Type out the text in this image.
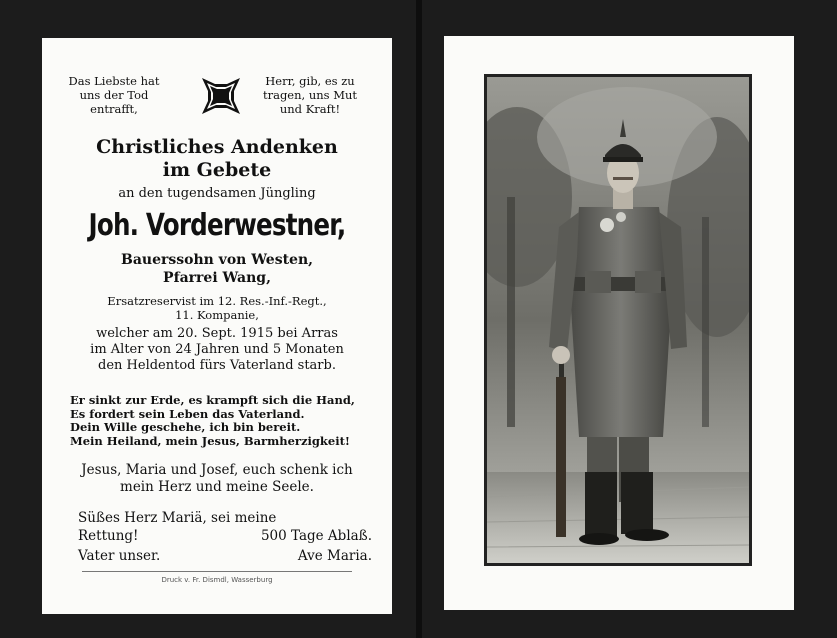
Das Liebste hat
uns der Tod
entrafft,
Herr, gib, es zu
tragen, uns Mut
und Kraft!
Christliches Andenken
im Gebete
an den tugendsamen Jüngling
Joh. Vorderwestner,
Bauerssohn von Westen,
Pfarrei Wang,
Ersatzreservist im 12. Res.-Inf.-Regt.,
11. Kompanie,
welcher am 20. Sept. 1915 bei Arras
im Alter von 24 Jahren und 5 Monaten
den Heldentod fürs Vaterland starb.
Er sinkt zur Erde, es krampft sich die Hand,
Es fordert sein Leben das Vaterland.
Dein Wille geschehe, ich bin bereit.
Mein Heiland, mein Jesus, Barmherzigkeit!
Jesus, Maria und Josef, euch schenk ich
mein Herz und meine Seele.
Süßes Herz Mariä, sei meine
Rettung!	500 Tage Ablaß.
Vater unser.	Ave Maria.
Druck v. Fr. Dismdl, Wasserburg
